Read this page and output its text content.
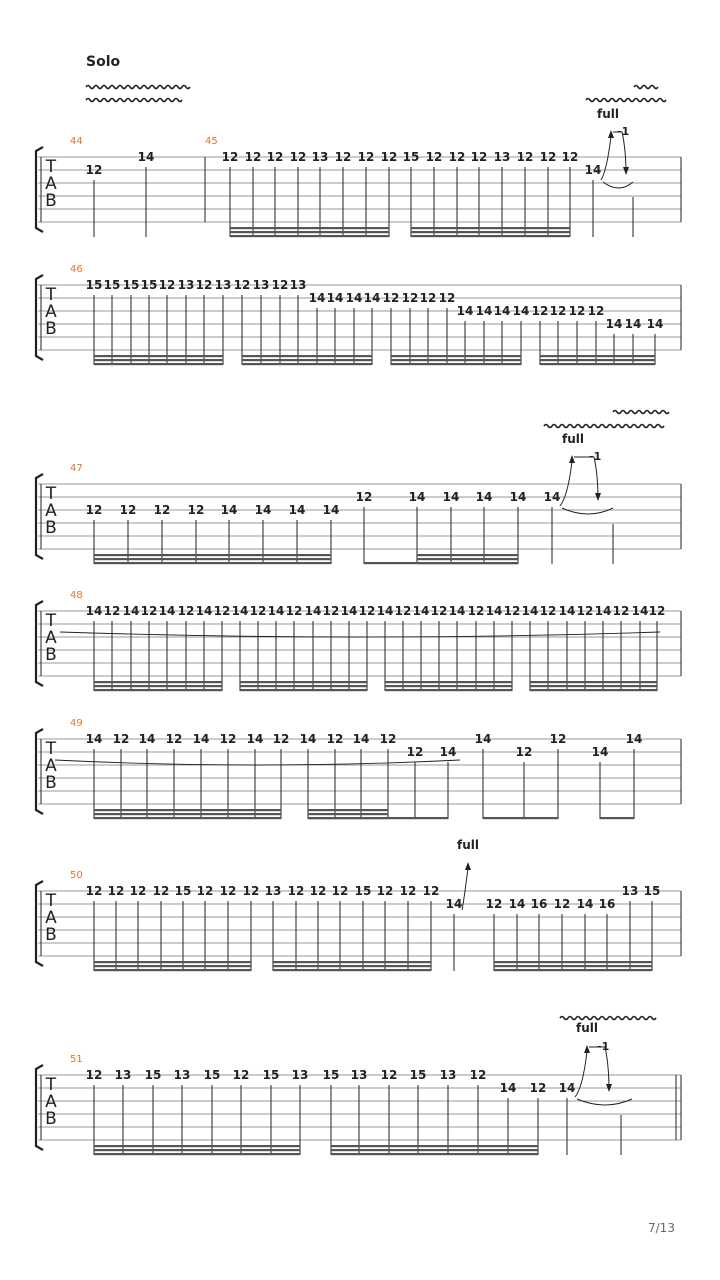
Solo
7/13
T
A
B
44	45
12
14	12 12 12 12 13 12 12 12 15 12 12 12 13 12 12 12
14
full
-1
T
A
B
46
15 15 15 15 12 13 12 13 12 13 12 13
14 14 14 14 12 12 12 12
14 14 14 14 12 12 12 12
14 14 14
T
A
B
47
12 12 12 12 14 14 14 14
12	14 14 14 14 14
full
-1
T
A
B
48
14 12 14 12 14 12 14 12 14 12 14 12 14 12 14 12 14 12 14 12 14 12 14 12 14 12 14 12 14 12 14 12
T
A
B
49
14 12 14 12 14 12 14 12 14 12 14 12
12 14
14
12
12
14
14
T
A
B
50
12 12 12 12 15 12 12 12 13 12 12 12 15 12 12 12
14 12 14 16 12 14 16
13 15
full
T
A
B
51
12 13 15 13 15 12 15 13 15 13 12 15 13 12
14 12 14
full
-1
